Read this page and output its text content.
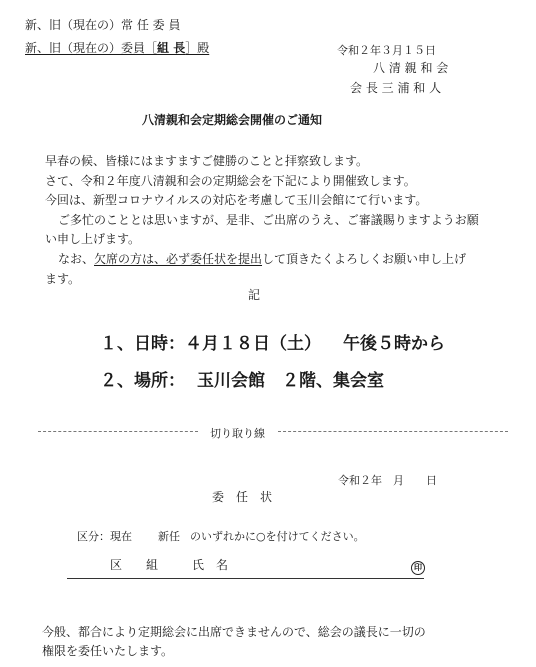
新、旧（現在の）常 任 委 員
新、旧（現在の）委員［組 長］殿	令和２年３月１５日
八 清 親 和 会
会 長 三 浦 和 人
八清親和会定期総会開催のご通知
早春の候、皆様にはますますご健勝のことと拝察致します。
さて、令和２年度八清親和会の定期総会を下記により開催致します。
今回は、新型コロナウイルスの対応を考慮して玉川会館にて行います。
ご多忙のこととは思いますが、是非、ご出席のうえ、ご審議賜りますようお願
い申し上げます。
なお、欠席の方は、必ず委任状を提出して頂きたくよろしくお願い申し上げ
ます。
記
１、日時：４月１８日（土） 午後５時から
２、場所： 玉川会館　２階、集会室
切り取り線
令和２年　月　　日
委　任　状
区分：現在 新任 のいずれかに○を付けてください。
区 組	氏　名	印
今般、都合により定期総会に出席できませんので、総会の議長に一切の
権限を委任いたします。
